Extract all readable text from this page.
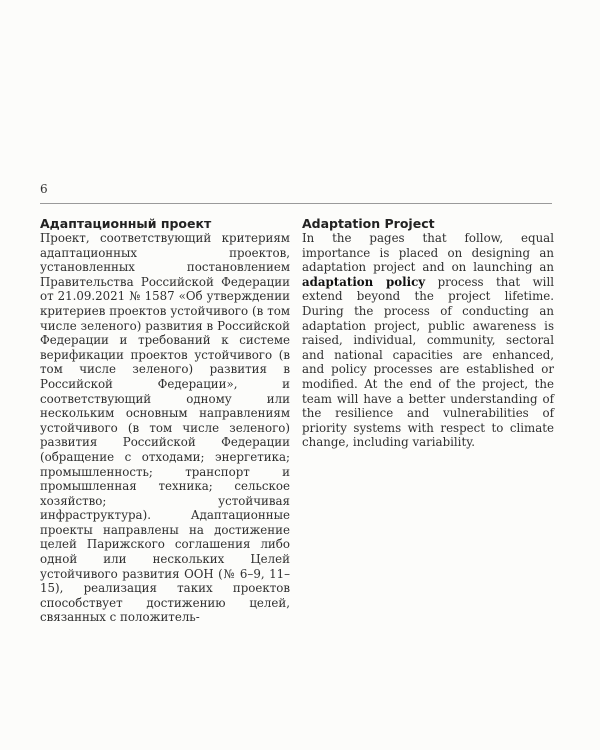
6

Адаптационный проект

Проект, соответствующий критериям адаптационных проектов, установленных постановлением Правительства Российской Федерации от 21.09.2021 № 1587 «Об утверждении критериев проектов устойчивого (в том числе зеленого) развития в Российской Федерации и требований к системе верификации проектов устойчивого (в том числе зеленого) развития в Российской Федерации», и соответствующий одному или нескольким основным направлениям устойчивого (в том числе зеленого) развития Российской Федерации (обращение с отходами; энергетика; промышленность; транспорт и промышленная техника; сельское хозяйство; устойчивая инфраструктура). Адаптационные проекты направлены на достижение целей Парижского соглашения либо одной или нескольких Целей устойчивого развития ООН (№ 6–9, 11–15), реализация таких проектов способствует достижению целей, связанных с положитель-

Adaptation Project

In the pages that follow, equal importance is placed on designing an adaptation project and on launching an adaptation policy process that will extend beyond the project lifetime. During the process of conducting an adaptation project, public awareness is raised, individual, community, sectoral and national capacities are enhanced, and policy processes are established or modified. At the end of the project, the team will have a better understanding of the resilience and vulnerabilities of priority systems with respect to climate change, including variability.
